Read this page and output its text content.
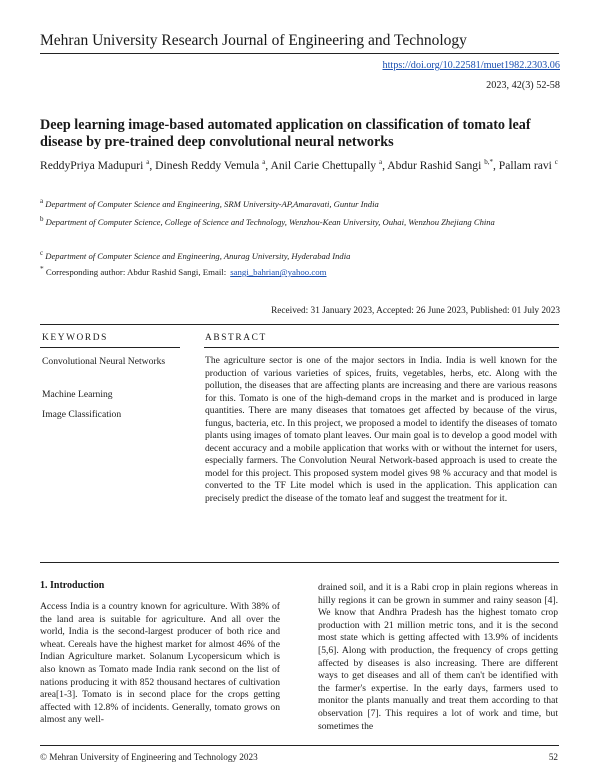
Mehran University Research Journal of Engineering and Technology
https://doi.org/10.22581/muet1982.2303.06
2023, 42(3) 52-58
Deep learning image-based automated application on classification of tomato leaf disease by pre-trained deep convolutional neural networks
ReddyPriya Madupuri $^a$, Dinesh Reddy Vemula $^a$, Anil Carie Chettupally $^a$, Abdur Rashid Sangi $^{b,*}$, Pallam ravi $^c$
$^a$ Department of Computer Science and Engineering, SRM University-AP,Amaravati, Guntur India
$^b$ Department of Computer Science, College of Science and Technology, Wenzhou-Kean University, Ouhai, Wenzhou Zhejiang China
$^c$ Department of Computer Science and Engineering, Anurag University, Hyderabad India
* Corresponding author: Abdur Rashid Sangi, Email: sangi_bahrian@yahoo.com
Received: 31 January 2023, Accepted: 26 June 2023, Published: 01 July 2023
KEYWORDS
Convolutional Neural Networks
Machine Learning
Image Classification
ABSTRACT

The agriculture sector is one of the major sectors in India. India is well known for the production of various varieties of spices, fruits, vegetables, herbs, etc. Along with the pollution, the diseases that are affecting plants are increasing and there are various reasons for this. Tomato is one of the high-demand crops in the market and is produced in large quantities. There are many diseases that tomatoes get affected by because of the virus, fungus, bacteria, etc. In this project, we proposed a model to identify the diseases of tomato plants using images of tomato plant leaves. Our main goal is to develop a good model with decent accuracy and a mobile application that works with or without the internet for users, especially farmers. The Convolution Neural Network-based approach is used to create the model for this project. This proposed system model gives 98 % accuracy and that model is converted to the TF Lite model which is used in the application. This application can precisely predict the disease of the tomato leaf and suggest the treatment for it.

1. Introduction

Access India is a country known for agriculture. With 38% of the land area is suitable for agriculture. And all over the world, India is the second-largest producer of both rice and wheat. Cereals have the highest market for almost 46% of the Indian Agriculture market. Solanum Lycopersicum which is also known as Tomato made India rank second on the list of nations producing it with 852 thousand hectares of cultivation area[1-3]. Tomato is in second place for the crops getting affected with 12.8% of incidents. Generally, tomato grows on almost any well-

drained soil, and it is a Rabi crop in plain regions whereas in hilly regions it can be grown in summer and rainy season [4]. We know that Andhra Pradesh has the highest tomato crop production with 21 million metric tons, and it is the second most state which is getting affected with 13.9% of incidents [5,6]. Along with production, the frequency of crops getting affected by diseases is also increasing. There are different ways to get diseases and all of them can't be identified with the farmer's expertise. In the early days, farmers used to monitor the plants manually and treat them according to that observation [7]. This requires a lot of work and time, but sometimes the

© Mehran University of Engineering and Technology 2023	52
